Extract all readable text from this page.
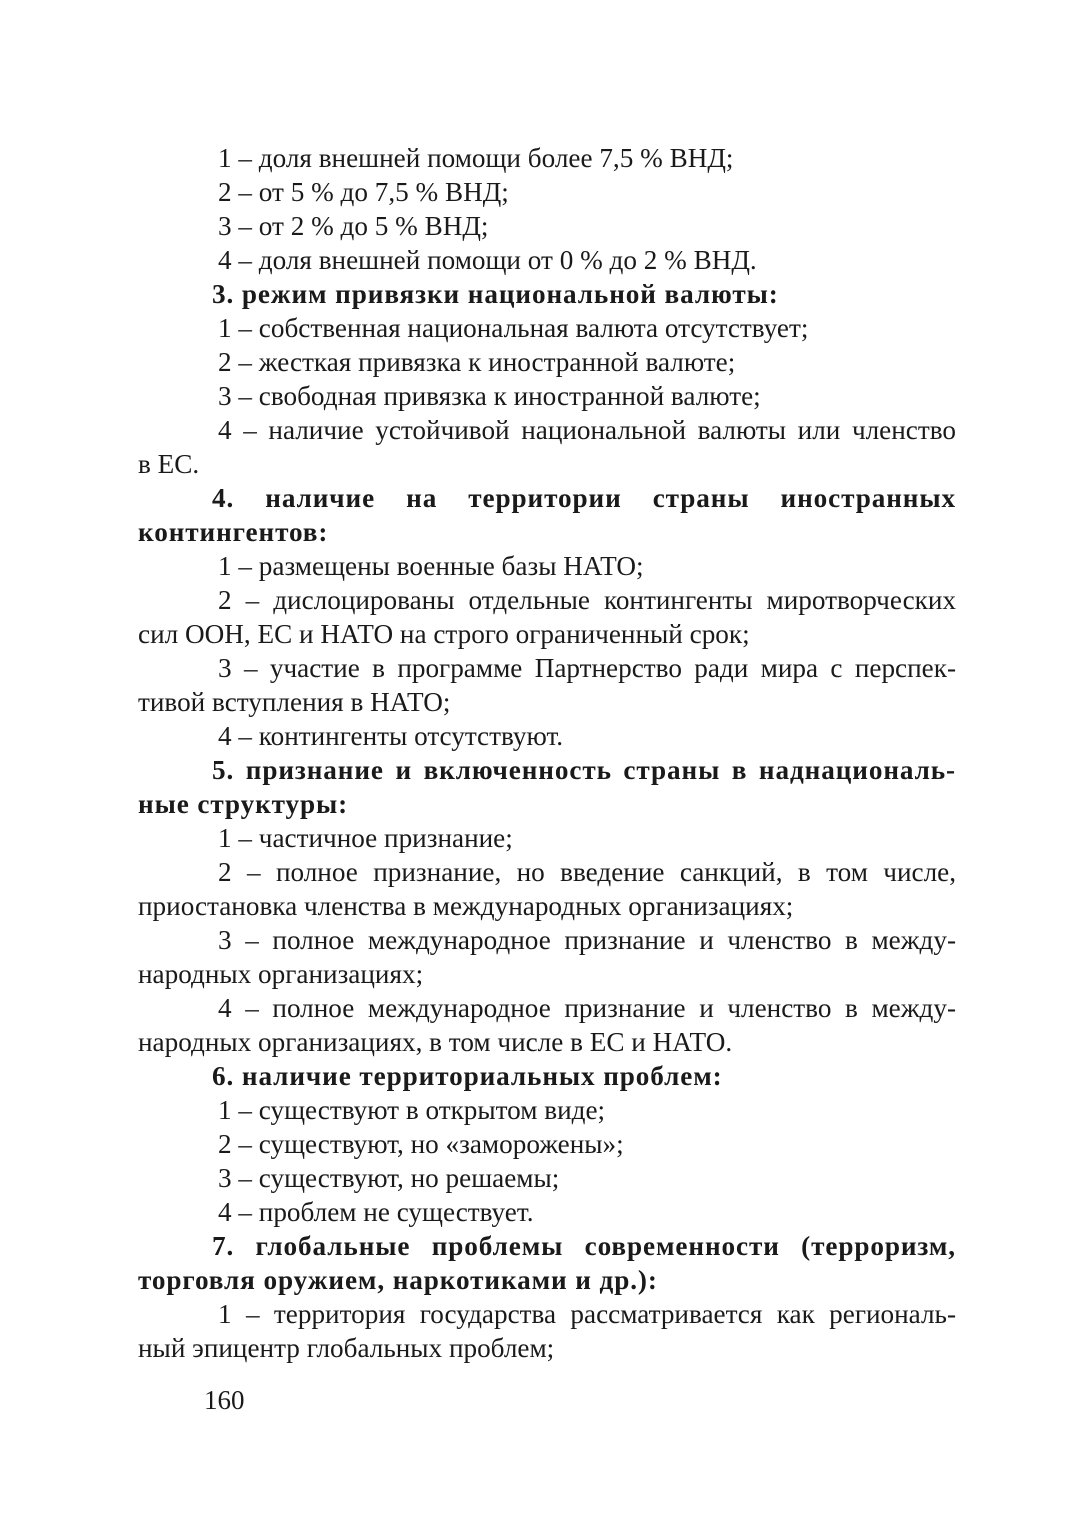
1 – доля внешней помощи более 7,5 % ВНД;
2 – от 5 % до 7,5 % ВНД;
3 – от 2 % до 5 % ВНД;
4 – доля внешней помощи от 0 % до 2 % ВНД.
3. режим привязки национальной валюты:
1 – собственная национальная валюта отсутствует;
2 – жесткая привязка к иностранной валюте;
3 – свободная привязка к иностранной валюте;
4 – наличие устойчивой национальной валюты или членство
в ЕС.
4. наличие на территории страны иностранных
контингентов:
1 – размещены военные базы НАТО;
2 – дислоцированы отдельные контингенты миротворческих
сил ООН, ЕС и НАТО на строго ограниченный срок;
3 – участие в программе Партнерство ради мира с перспек-
тивой вступления в НАТО;
4 – контингенты отсутствуют.
5. признание и включенность страны в наднациональ-
ные структуры:
1 – частичное признание;
2 – полное признание, но введение санкций, в том числе,
приостановка членства в международных организациях;
3 – полное международное признание и членство в между-
народных организациях;
4 – полное международное признание и членство в между-
народных организациях, в том числе в ЕС и НАТО.
6. наличие территориальных проблем:
1 – существуют в открытом виде;
2 – существуют, но «заморожены»;
3 – существуют, но решаемы;
4 – проблем не существует.
7. глобальные проблемы современности (терроризм,
торговля оружием, наркотиками и др.):
1 – территория государства рассматривается как региональ-
ный эпицентр глобальных проблем;
160
